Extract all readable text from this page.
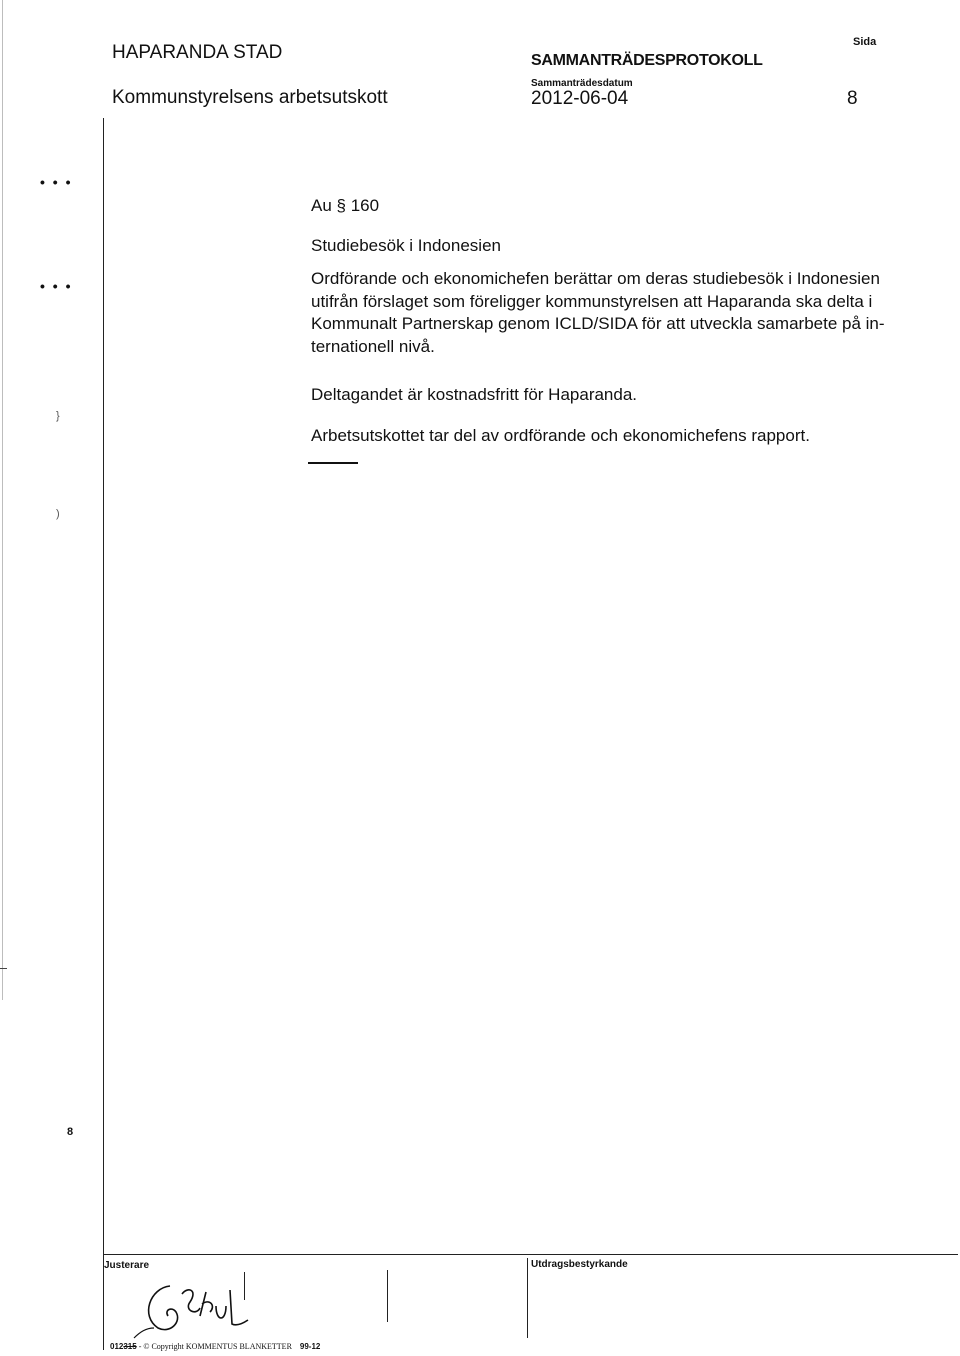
HAPARANDA STAD
Kommunstyrelsens arbetsutskott
SAMMANTRÄDESPROTOKOLL
Sammanträdesdatum
2012-06-04
Sida
8
• • •
• • •
}
)
8
Au § 160
Studiebesök i Indonesien

Ordförande och ekonomichefen berättar om deras studiebesök i Indonesien

utifrån förslaget som föreligger kommunstyrelsen att Haparanda ska delta i

Kommunalt Partnerskap genom ICLD/SIDA för att utveckla samarbete på in-

ternationell nivå.

Deltagandet är kostnadsfritt för Haparanda.
Arbetsutskottet tar del av ordförande och ekonomichefens rapport.
Justerare	Utdragsbestyrkande
012315 - © Copyright KOMMENTUS BLANKETTER 99-12
